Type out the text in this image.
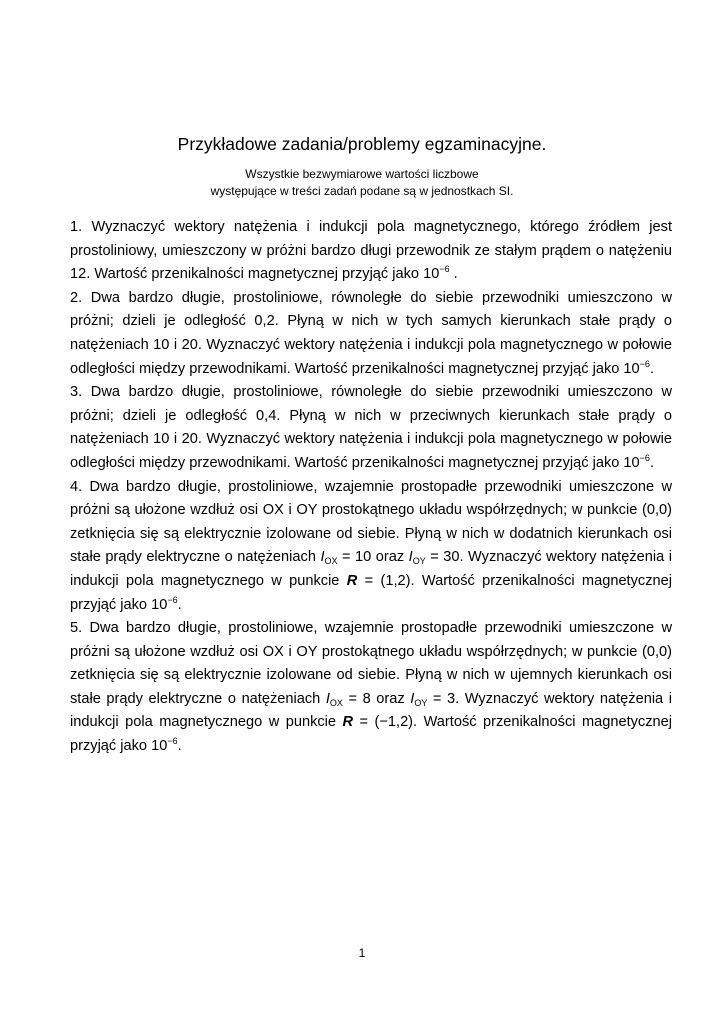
Przykładowe zadania/problemy egzaminacyjne.
Wszystkie bezwymiarowe wartości liczbowe
występujące w treści zadań podane są w jednostkach SI.

1. Wyznaczyć wektory natężenia i indukcji pola magnetycznego, którego źródłem jest prostoliniowy, umieszczony w próżni bardzo długi przewodnik ze stałym prądem o natężeniu 12. Wartość przenikalności magnetycznej przyjąć jako $10^{-6}$ .

2. Dwa bardzo długie, prostoliniowe, równoległe do siebie przewodniki umieszczono w próżni; dzieli je odległość 0,2. Płyną w nich w tych samych kierunkach stałe prądy o natężeniach 10 i 20. Wyznaczyć wektory natężenia i indukcji pola magnetycznego w połowie odległości między przewodnikami. Wartość przenikalności magnetycznej przyjąć jako $10^{-6}$.

3. Dwa bardzo długie, prostoliniowe, równoległe do siebie przewodniki umieszczono w próżni; dzieli je odległość 0,4. Płyną w nich w przeciwnych kierunkach stałe prądy o natężeniach 10 i 20. Wyznaczyć wektory natężenia i indukcji pola magnetycznego w połowie odległości między przewodnikami. Wartość przenikalności magnetycznej przyjąć jako $10^{-6}$.

4. Dwa bardzo długie, prostoliniowe, wzajemnie prostopadłe przewodniki umieszczone w próżni są ułożone wzdłuż osi OX i OY prostokątnego układu współrzędnych; w punkcie (0,0) zetknięcia się są elektrycznie izolowane od siebie. Płyną w nich w dodatnich kierunkach osi stałe prądy elektryczne o natężeniach $I_{OX} = 10$ oraz $I_{OY} = 30$. Wyznaczyć wektory natężenia i indukcji pola magnetycznego w punkcie R = (1,2). Wartość przenikalności magnetycznej przyjąć jako $10^{-6}$.

5. Dwa bardzo długie, prostoliniowe, wzajemnie prostopadłe przewodniki umieszczone w próżni są ułożone wzdłuż osi OX i OY prostokątnego układu współrzędnych; w punkcie (0,0) zetknięcia się są elektrycznie izolowane od siebie. Płyną w nich w ujemnych kierunkach osi stałe prądy elektryczne o natężeniach $I_{OX} = 8$ oraz $I_{OY} = 3$. Wyznaczyć wektory natężenia i indukcji pola magnetycznego w punkcie R = (−1,2). Wartość przenikalności magnetycznej przyjąć jako $10^{-6}$.

1
